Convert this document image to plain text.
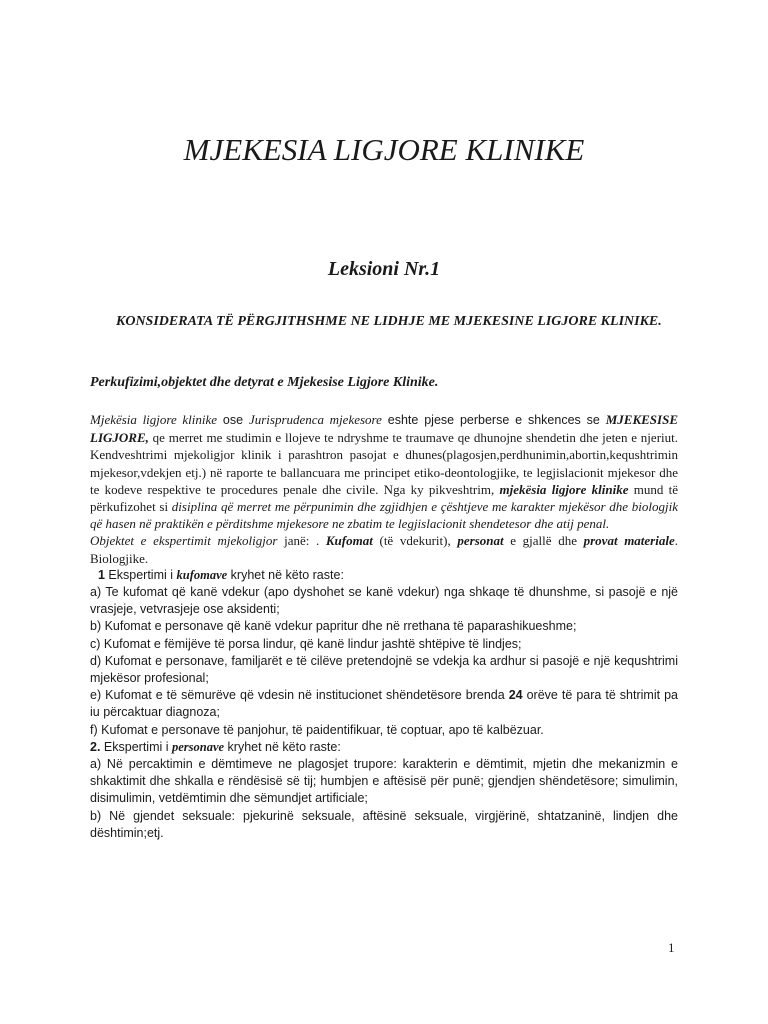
MJEKESIA LIGJORE KLINIKE
Leksioni Nr.1
KONSIDERATA TË PËRGJITHSHME NE LIDHJE ME MJEKESINE LIGJORE KLINIKE.
Perkufizimi,objektet dhe detyrat e Mjekesise Ligjore Klinike.

Mjekësia ligjore klinike ose Jurisprudenca mjekesore eshte pjese perberse e shkences se MJEKESISE LIGJORE, qe merret me studimin e llojeve te ndryshme te traumave qe dhunojne shendetin dhe jeten e njeriut. Kendveshtrimi mjekoligjor klinik i parashtron pasojat e dhunes(plagosjen,perdhunimin,abortin,kequshtrimin mjekesor,vdekjen etj.) në raporte te ballancuara me principet etiko-deontologjike, te legjislacionit mjekesor dhe te kodeve respektive te procedures penale dhe civile. Nga ky pikveshtrim, mjekësia ligjore klinike mund të përkufizohet si disiplina që merret me përpunimin dhe zgjidhjen e çështjeve me karakter mjekësor dhe biologjik që hasen në praktikën e përditshme mjekesore ne zbatim te legjislacionit shendetesor dhe atij penal.

Objektet e ekspertimit mjekoligjor janë: . Kufomat (të vdekurit), personat e gjallë dhe provat materiale. Biologjike.

1 Ekspertimi i kufomave kryhet në këto raste:

a) Te kufomat që kanë vdekur (apo dyshohet se kanë vdekur) nga shkaqe të dhunshme, si pasojë e një vrasjeje, vetvrasjeje ose aksidenti;

b) Kufomat e personave që kanë vdekur papritur dhe në rrethana të paparashikueshme;

c) Kufomat e fëmijëve të porsa lindur, që kanë lindur jashtë shtëpive të lindjes;

d) Kufomat e personave, familjarët e të cilëve pretendojnë se vdekja ka ardhur si pasojë e një kequshtrimi mjekësor profesional;

e) Kufomat e të sëmurëve që vdesin në institucionet shëndetësore brenda 24 orëve të para të shtrimit pa iu përcaktuar diagnoza;

f) Kufomat e personave të panjohur, të paidentifikuar, të coptuar, apo të kalbëzuar.

2. Ekspertimi i personave kryhet në këto raste:

a) Në percaktimin e dëmtimeve ne plagosjet trupore: karakterin e dëmtimit, mjetin dhe mekanizmin e shkaktimit dhe shkalla e rëndësisë së tij; humbjen e aftësisë për punë; gjendjen shëndetësore; simulimin, disimulimin, vetdëmtimin dhe sëmundjet artificiale;

b) Në gjendet seksuale: pjekurinë seksuale, aftësinë seksuale, virgjërinë, shtatzaninë, lindjen dhe dështimin;etj.

1
